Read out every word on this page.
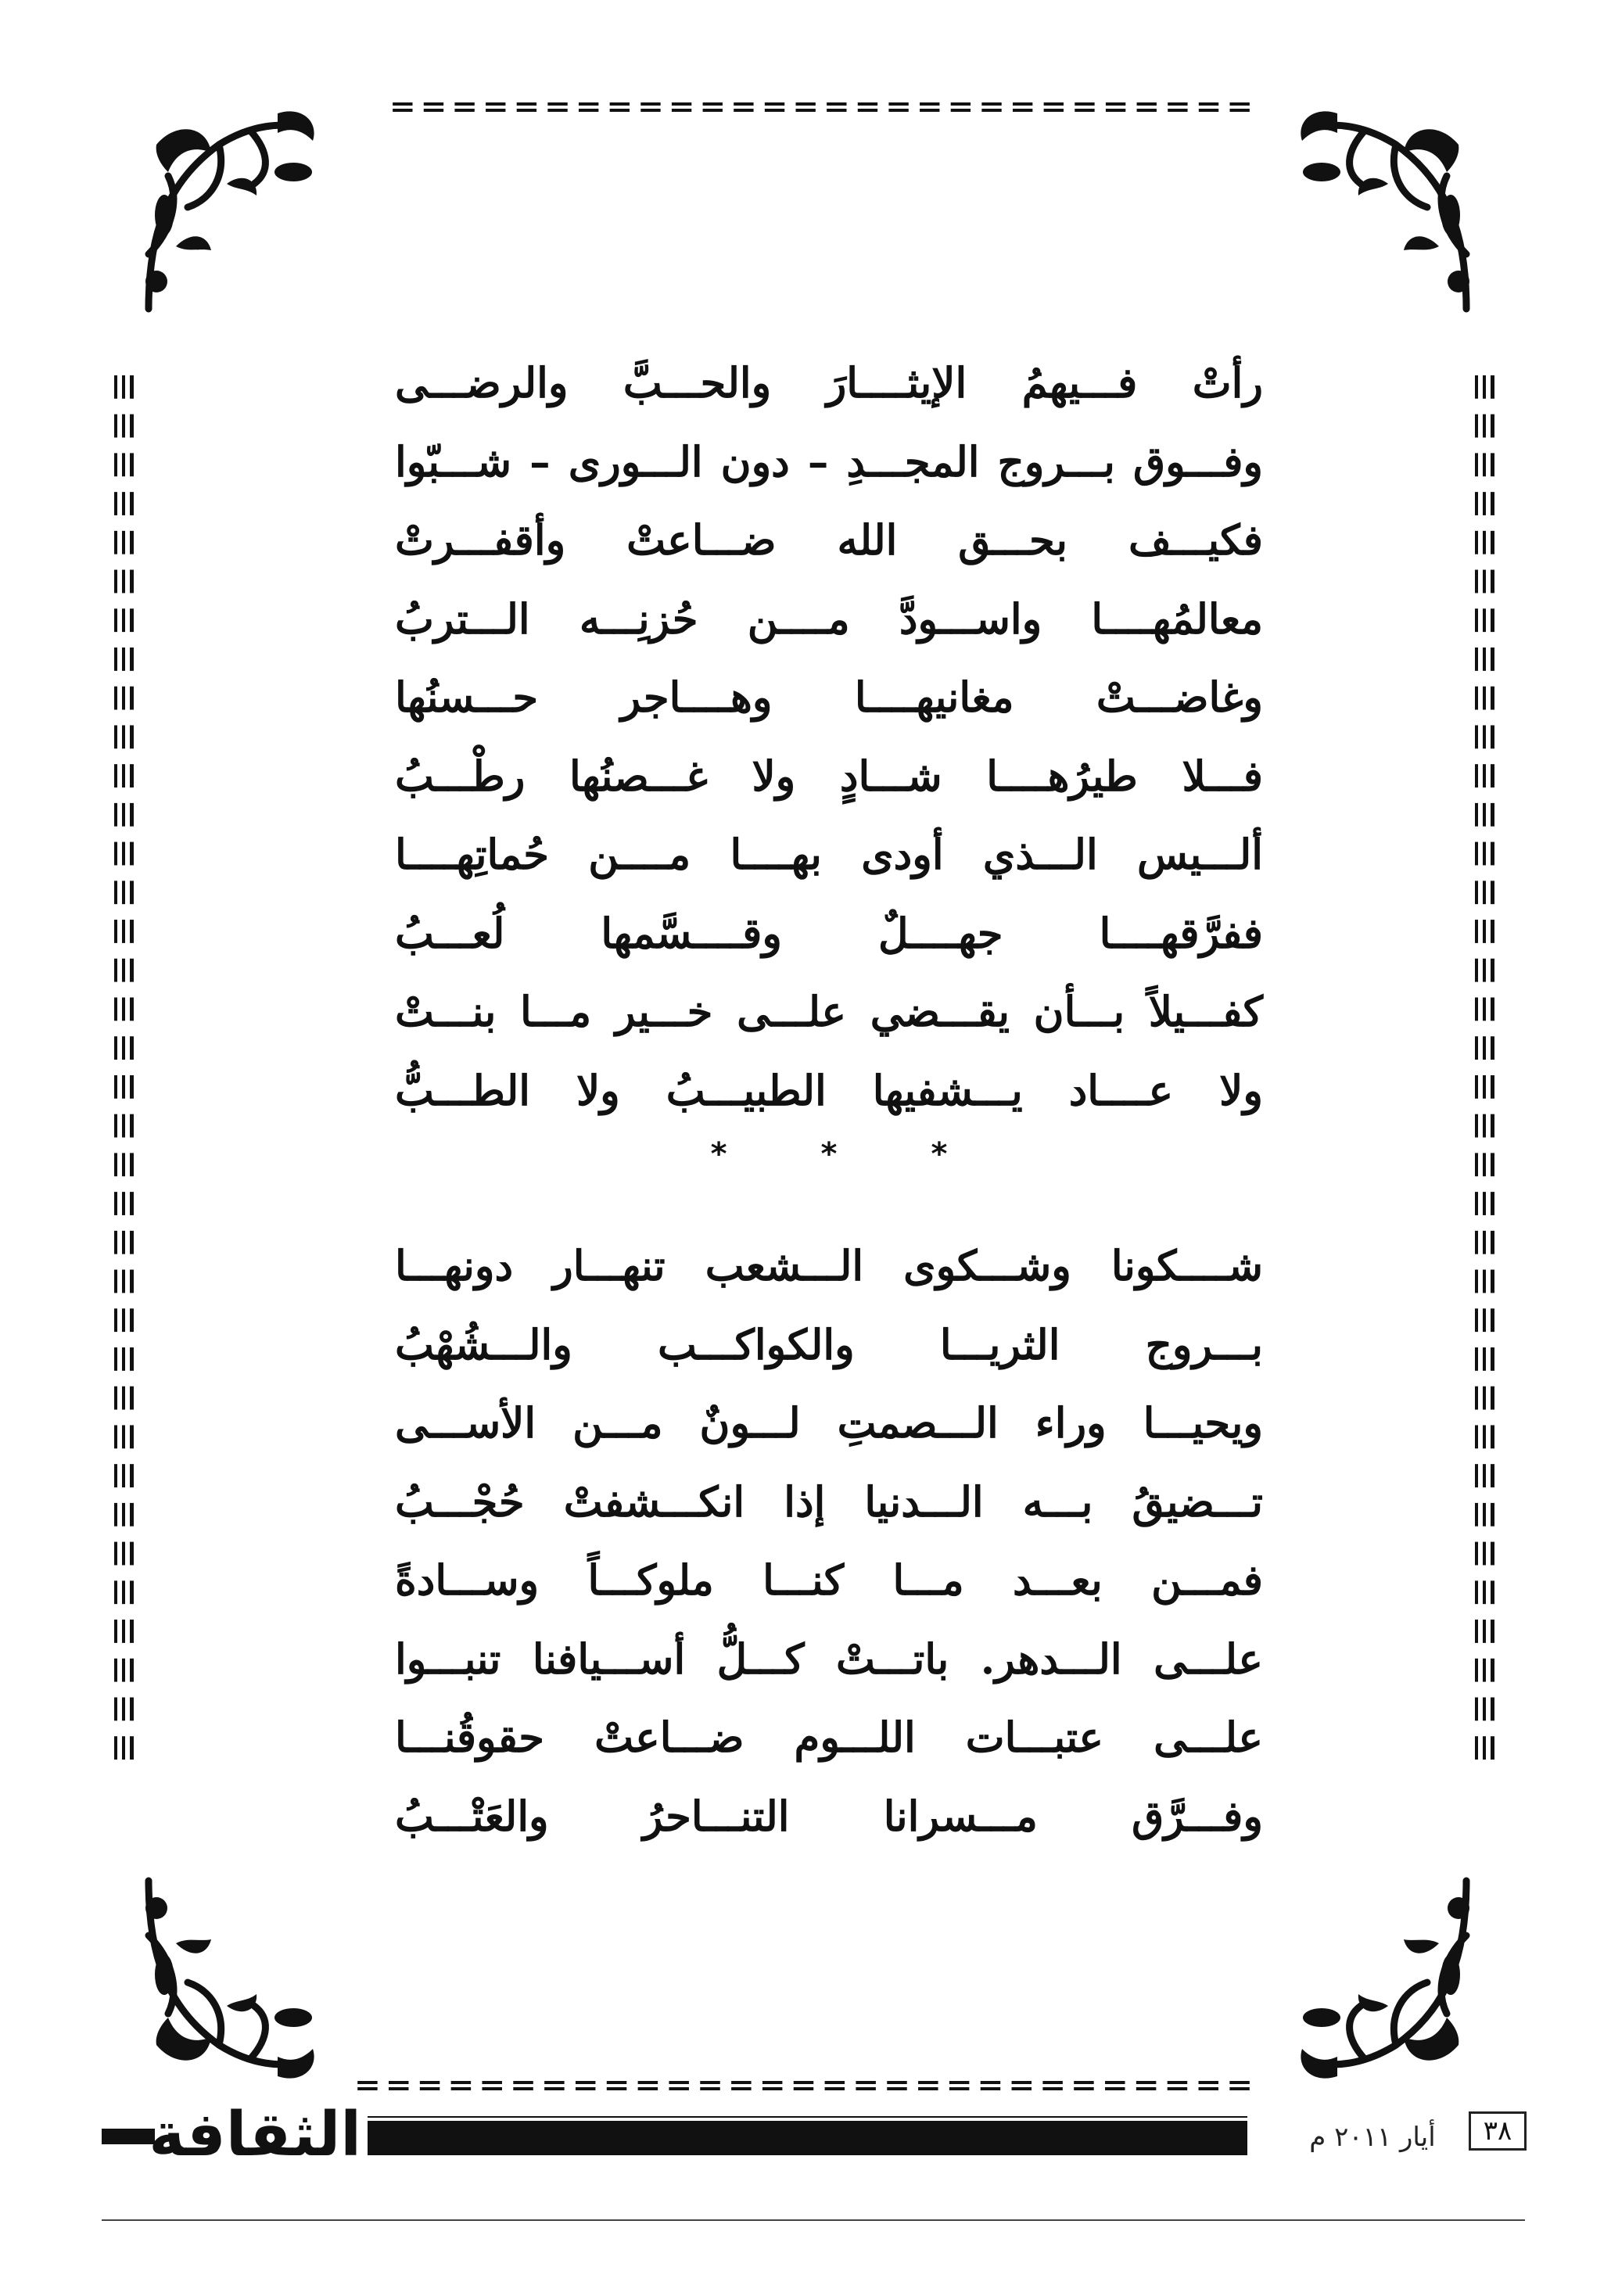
رأتْ فـــيهمُ الإيثــــارَ والحـــبَّ والرضـــى
وفـــوق بـــروج المجـــدِ – دون الـــورى – شـــبّوا
فكيـــف بحـــق الله ضـــاعتْ وأقفـــرتْ
معالمُهــــا واســـودَّ مــــن حُزنِـــه الـــتربُ
وغاضـــتْ مغانيهــــا وهــــاجر حـــسنُها
فـــلا طيرُهــــا شـــادٍ ولا غـــصنُها رطْـــبُ
ألـــيس الـــذي أودى بهــــا مــــن حُماتِهــــا
ففرَّقهــــا جهــــلٌ وقــــسَّمها لُعـــبُ
كفـــيلاً بـــأن يقـــضي علـــى خـــير مـــا بنـــتْ
ولا عــــاد يـــشفيها الطبيـــبُ ولا الطـــبُّ
*	*	*
شــــكونا وشـــكوى الـــشعب تنهـــار دونهـــا
بـــروج الثريـــا والكواكـــب والـــشُهْبُ
ويحيـــا وراء الـــصمتِ لـــونٌ مـــن الأســـى
تـــضيقُ بـــه الـــدنيا إذا انكـــشفتْ حُجْـــبُ
فمـــن بعـــد مـــا كنـــا ملوكـــاً وســـادةً
علـــى الـــدهر. باتـــتْ كـــلُّ أســـيافنا تنبـــوا
علـــى عتبـــات اللـــوم ضـــاعتْ حقوقُنـــا
وفـــرَّق مـــسرانا التنـــاحرُ والعَتْـــبُ
الثقافة	أيار ٢٠١١ م	٣٨
